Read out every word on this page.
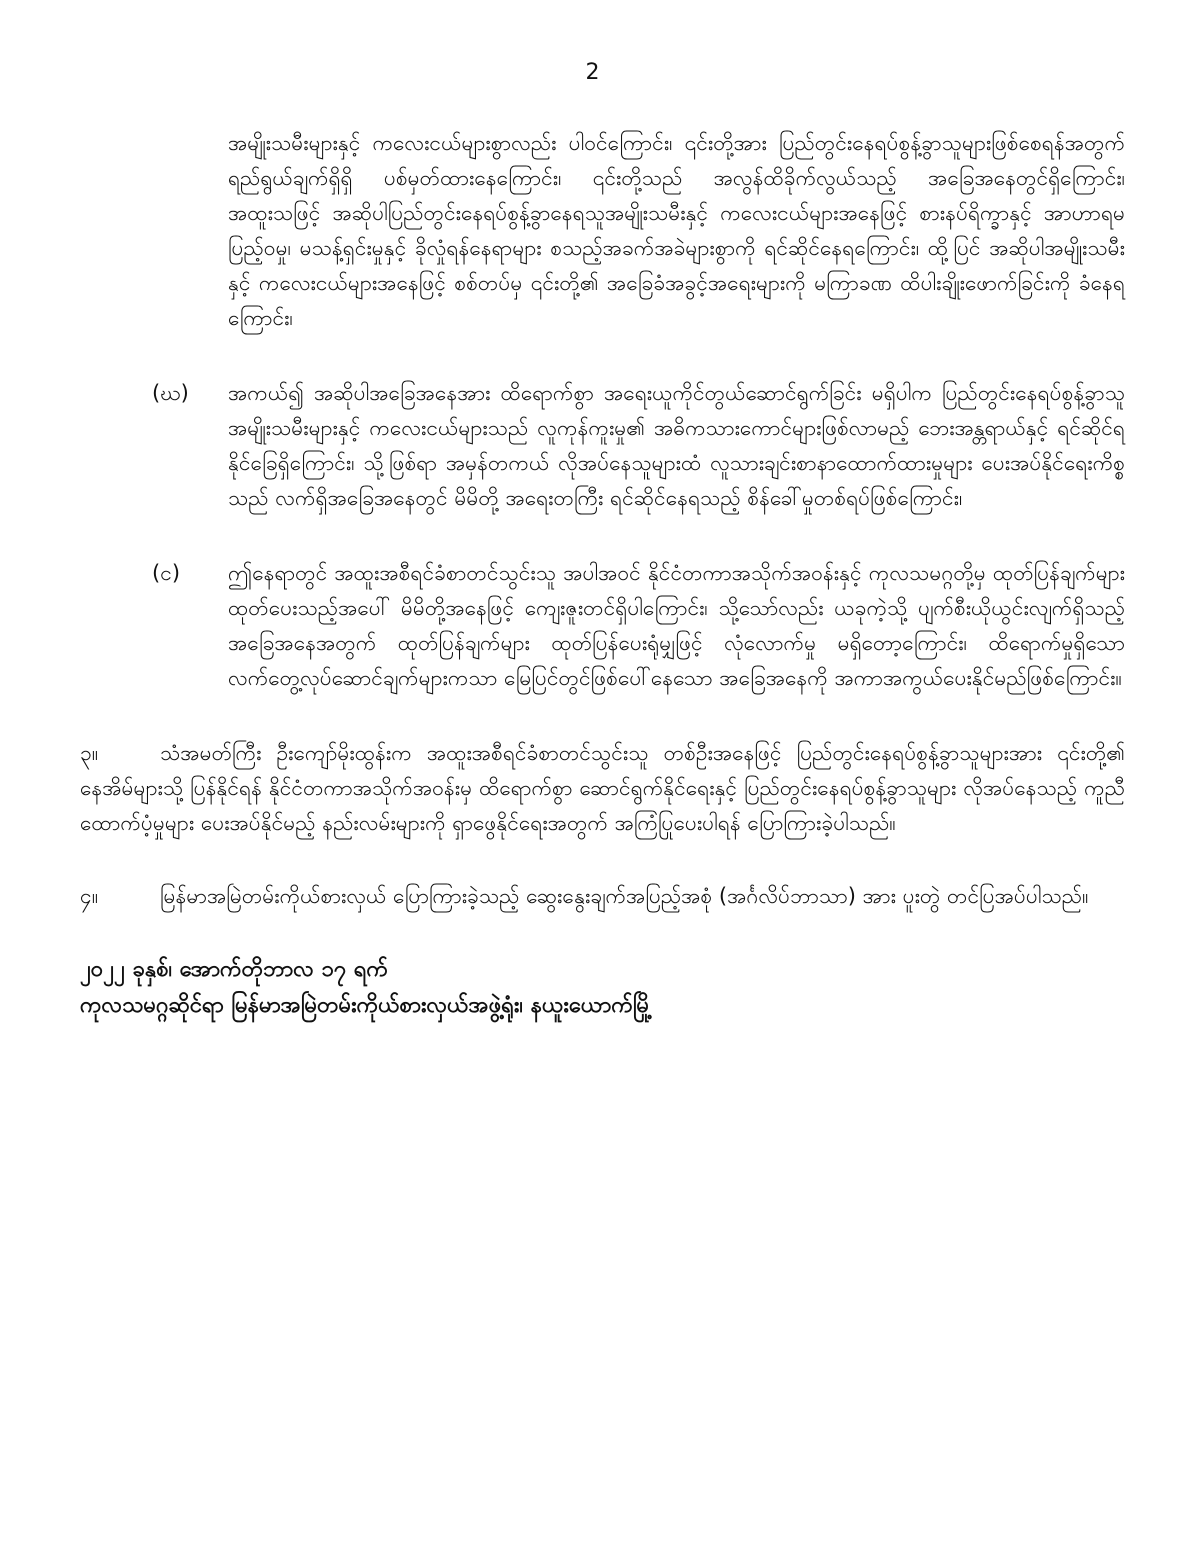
2

အမျိုးသမီးများနှင့် ကလေးငယ်များစွာလည်း ပါဝင်ကြောင်း၊ ၎င်းတို့အား ပြည်တွင်းနေရပ်စွန့်ခွာသူများဖြစ်စေရန်အတွက် ရည်ရွယ်ချက်ရှိရှိ ပစ်မှတ်ထားနေကြောင်း၊ ၎င်းတို့သည် အလွန်ထိခိုက်လွယ်သည့် အခြေအနေတွင်ရှိကြောင်း၊ အထူးသဖြင့် အဆိုပါပြည်တွင်းနေရပ်စွန့်ခွာနေရသူအမျိုးသမီးနှင့် ကလေးငယ်များအနေဖြင့် စားနပ်ရိက္ခာနှင့် အာဟာရမပြည့်ဝမှု၊ မသန့်ရှင်းမှုနှင့် ခိုလှုံရန်နေရာများ စသည့်အခက်အခဲများစွာကို ရင်ဆိုင်နေရကြောင်း၊ ထို့ပြင် အဆိုပါအမျိုးသမီးနှင့် ကလေးငယ်များအနေဖြင့် စစ်တပ်မှ ၎င်းတို့၏ အခြေခံအခွင့်အရေးများကို မကြာခဏ ထိပါးချိုးဖောက်ခြင်းကို ခံနေရကြောင်း၊

(ဃ)	အကယ်၍ အဆိုပါအခြေအနေအား ထိရောက်စွာ အရေးယူကိုင်တွယ်ဆောင်ရွက်ခြင်း မရှိပါက ပြည်တွင်းနေရပ်စွန့်ခွာသူ အမျိုးသမီးများနှင့် ကလေးငယ်များသည် လူကုန်ကူးမှု၏ အဓိကသားကောင်များဖြစ်လာမည့် ဘေးအန္တရာယ်နှင့် ရင်ဆိုင်ရနိုင်ခြေရှိကြောင်း၊ သို့ဖြစ်ရာ အမှန်တကယ် လိုအပ်နေသူများထံ လူသားချင်းစာနာထောက်ထားမှုများ ပေးအပ်နိုင်ရေးကိစ္စသည် လက်ရှိအခြေအနေတွင် မိမိတို့ အရေးတကြီး ရင်ဆိုင်နေရသည့် စိန်ခေါ်မှုတစ်ရပ်ဖြစ်ကြောင်း၊
(င)	ဤနေရာတွင် အထူးအစီရင်ခံစာတင်သွင်းသူ အပါအဝင် နိုင်ငံတကာအသိုက်အဝန်းနှင့် ကုလသမဂ္ဂတို့မှ ထုတ်ပြန်ချက်များ ထုတ်ပေးသည့်အပေါ် မိမိတို့အနေဖြင့် ကျေးဇူးတင်ရှိပါကြောင်း၊ သို့သော်လည်း ယခုကဲ့သို့ ပျက်စီးယိုယွင်းလျက်ရှိသည့် အခြေအနေအတွက် ထုတ်ပြန်ချက်များ ထုတ်ပြန်ပေးရုံမျှဖြင့် လုံလောက်မှု မရှိတော့ကြောင်း၊ ထိရောက်မှုရှိသော လက်တွေ့လုပ်ဆောင်ချက်များကသာ မြေပြင်တွင်ဖြစ်ပေါ်နေသော အခြေအနေကို အကာအကွယ်ပေးနိုင်မည်ဖြစ်ကြောင်း။
၃။	သံအမတ်ကြီး ဦးကျော်မိုးထွန်းက အထူးအစီရင်ခံစာတင်သွင်းသူ တစ်ဦးအနေဖြင့် ပြည်တွင်းနေရပ်စွန့်ခွာသူများအား ၎င်းတို့၏ နေအိမ်များသို့ ပြန်နိုင်ရန် နိုင်ငံတကာအသိုက်အဝန်းမှ ထိရောက်စွာ ဆောင်ရွက်နိုင်ရေးနှင့် ပြည်တွင်းနေရပ်စွန့်ခွာသူများ လိုအပ်နေသည့် ကူညီထောက်ပံ့မှုများ ပေးအပ်နိုင်မည့် နည်းလမ်းများကို ရှာဖွေနိုင်ရေးအတွက် အကြံပြုပေးပါရန် ပြောကြားခဲ့ပါသည်။
၄။	မြန်မာအမြဲတမ်းကိုယ်စားလှယ် ပြောကြားခဲ့သည့် ဆွေးနွေးချက်အပြည့်အစုံ (အင်္ဂလိပ်ဘာသာ) အား ပူးတွဲ တင်ပြအပ်ပါသည်။
၂၀၂၂ ခုနှစ်၊ အောက်တိုဘာလ ၁၇ ရက်
ကုလသမဂ္ဂဆိုင်ရာ မြန်မာအမြဲတမ်းကိုယ်စားလှယ်အဖွဲ့ရုံး၊ နယူးယောက်မြို့
